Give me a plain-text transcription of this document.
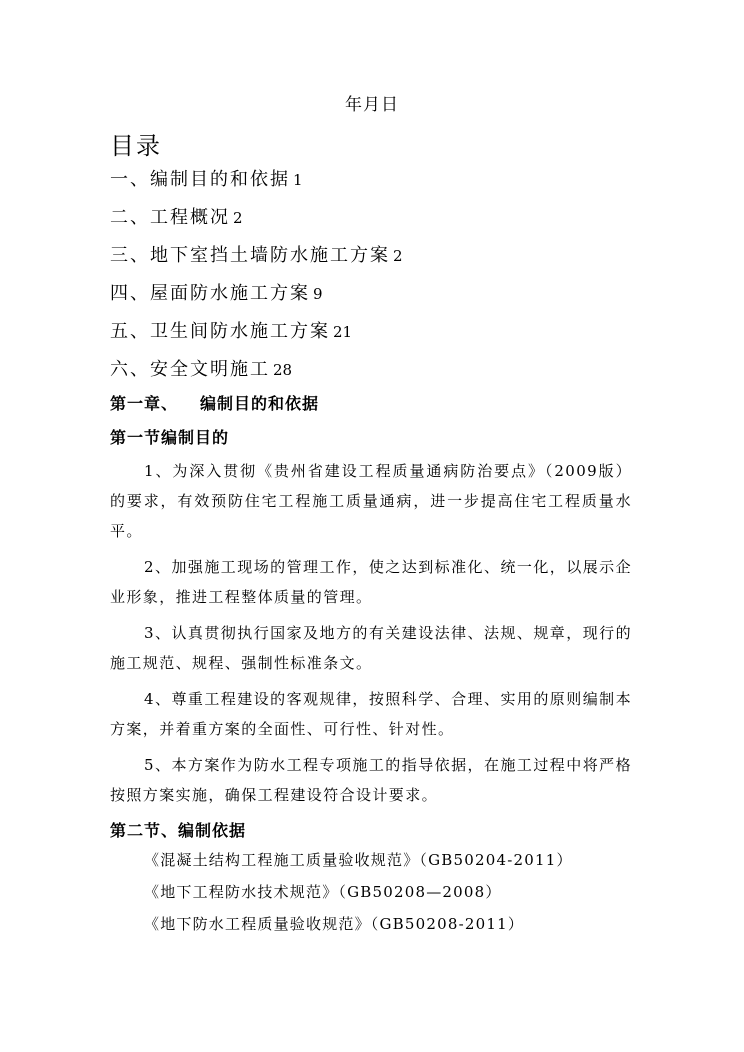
年月日
目录
一、编制目的和依据 1
二、工程概况 2
三、地下室挡土墙防水施工方案 2
四、屋面防水施工方案 9
五、卫生间防水施工方案 21
六、安全文明施工 28
第一章、 编制目的和依据
第一节编制目的

1、为深入贯彻《贵州省建设工程质量通病防治要点》（2009版）的要求，有效预防住宅工程施工质量通病，进一步提高住宅工程质量水平。

2、加强施工现场的管理工作，使之达到标准化、统一化，以展示企业形象，推进工程整体质量的管理。

3、认真贯彻执行国家及地方的有关建设法律、法规、规章，现行的施工规范、规程、强制性标准条文。

4、尊重工程建设的客观规律，按照科学、合理、实用的原则编制本方案，并着重方案的全面性、可行性、针对性。

5、本方案作为防水工程专项施工的指导依据，在施工过程中将严格按照方案实施，确保工程建设符合设计要求。

第二节、编制依据

《混凝土结构工程施工质量验收规范》（GB50204-2011）

《地下工程防水技术规范》（GB50208—2008）

《地下防水工程质量验收规范》（GB50208-2011）
